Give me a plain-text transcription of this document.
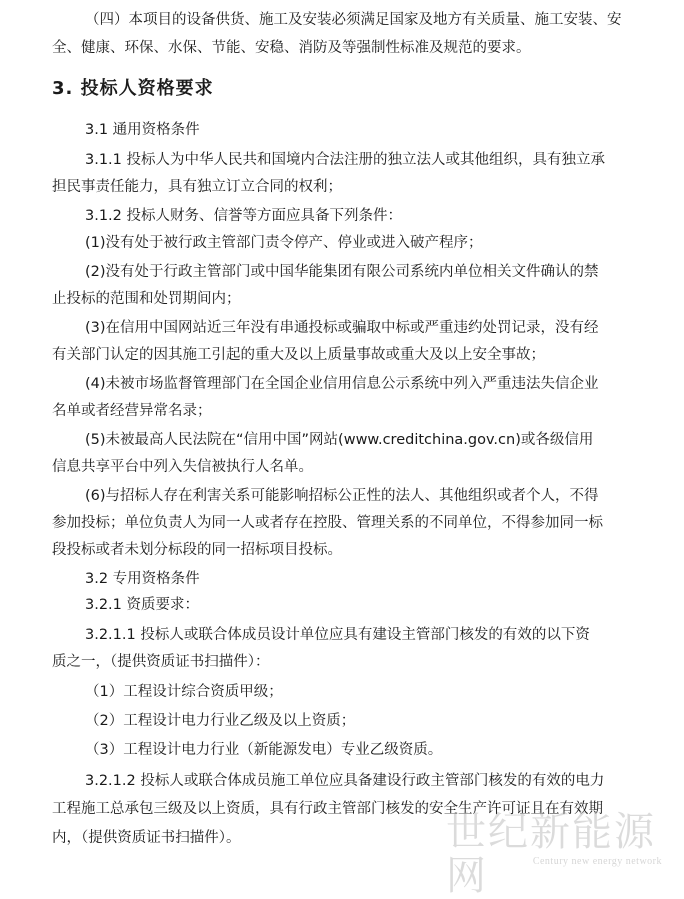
（四）本项目的设备供货、施工及安装必须满足国家及地方有关质量、施工安装、安
全、健康、环保、水保、节能、安稳、消防及等强制性标准及规范的要求。
3. 投标人资格要求
3.1 通用资格条件
3.1.1 投标人为中华人民共和国境内合法注册的独立法人或其他组织，具有独立承
担民事责任能力，具有独立订立合同的权利；
3.1.2 投标人财务、信誉等方面应具备下列条件：
(1)没有处于被行政主管部门责令停产、停业或进入破产程序；
(2)没有处于行政主管部门或中国华能集团有限公司系统内单位相关文件确认的禁
止投标的范围和处罚期间内；
(3)在信用中国网站近三年没有串通投标或骗取中标或严重违约处罚记录，没有经
有关部门认定的因其施工引起的重大及以上质量事故或重大及以上安全事故；
(4)未被市场监督管理部门在全国企业信用信息公示系统中列入严重违法失信企业
名单或者经营异常名录；
(5)未被最高人民法院在“信用中国”网站(www.creditchina.gov.cn)或各级信用
信息共享平台中列入失信被执行人名单。
(6)与招标人存在利害关系可能影响招标公正性的法人、其他组织或者个人，不得
参加投标；单位负责人为同一人或者存在控股、管理关系的不同单位，不得参加同一标
段投标或者未划分标段的同一招标项目投标。
3.2 专用资格条件
3.2.1 资质要求：
3.2.1.1 投标人或联合体成员设计单位应具有建设主管部门核发的有效的以下资
质之一，（提供资质证书扫描件）：
（1）工程设计综合资质甲级；
（2）工程设计电力行业乙级及以上资质；
（3）工程设计电力行业（新能源发电）专业乙级资质。
3.2.1.2 投标人或联合体成员施工单位应具备建设行政主管部门核发的有效的电力
工程施工总承包三级及以上资质，具有行政主管部门核发的安全生产许可证且在有效期
内，（提供资质证书扫描件）。	世纪新能源网	Century new energy network
